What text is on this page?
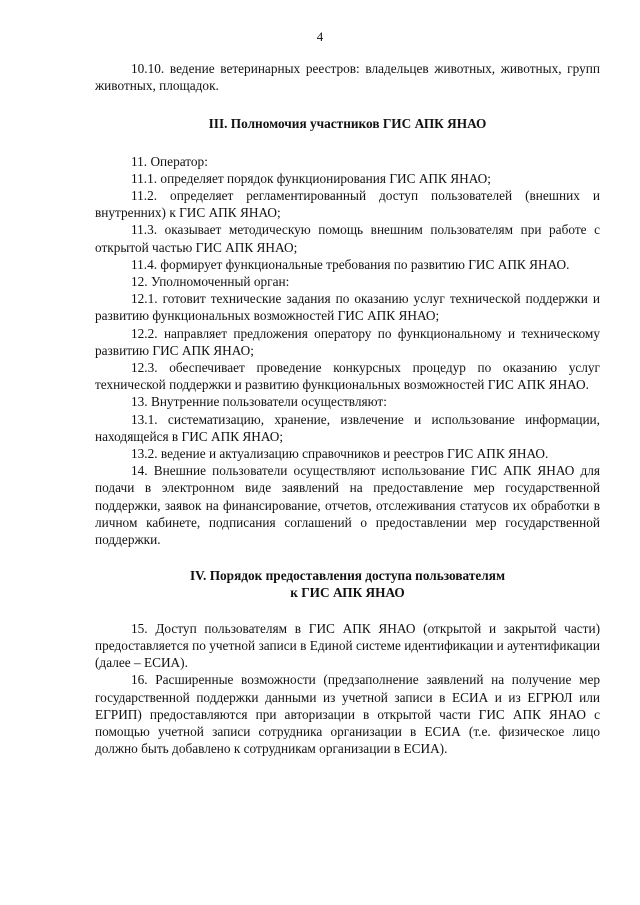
4

10.10. ведение ветеринарных реестров: владельцев животных, животных, групп животных, площадок.

III. Полномочия участников ГИС АПК ЯНАО

11. Оператор:

11.1. определяет порядок функционирования ГИС АПК ЯНАО;

11.2. определяет регламентированный доступ пользователей (внешних и внутренних) к ГИС АПК ЯНАО;

11.3. оказывает методическую помощь внешним пользователям при работе с открытой частью ГИС АПК ЯНАО;

11.4. формирует функциональные требования по развитию ГИС АПК ЯНАО.

12. Уполномоченный орган:

12.1. готовит технические задания по оказанию услуг технической поддержки и развитию функциональных возможностей ГИС АПК ЯНАО;

12.2. направляет предложения оператору по функциональному и техническому развитию ГИС АПК ЯНАО;

12.3. обеспечивает проведение конкурсных процедур по оказанию услуг технической поддержки и развитию функциональных возможностей ГИС АПК ЯНАО.

13. Внутренние пользователи осуществляют:

13.1. систематизацию, хранение, извлечение и использование информации, находящейся в ГИС АПК ЯНАО;

13.2. ведение и актуализацию справочников и реестров ГИС АПК ЯНАО.

14. Внешние пользователи осуществляют использование ГИС АПК ЯНАО для подачи в электронном виде заявлений на предоставление мер государственной поддержки, заявок на финансирование, отчетов, отслеживания статусов их обработки в личном кабинете, подписания соглашений о предоставлении мер государственной поддержки.

IV. Порядок предоставления доступа пользователям
к ГИС АПК ЯНАО

15. Доступ пользователям в ГИС АПК ЯНАО (открытой и закрытой части) предоставляется по учетной записи в Единой системе идентификации и аутентификации (далее – ЕСИА).

16. Расширенные возможности (предзаполнение заявлений на получение мер государственной поддержки данными из учетной записи в ЕСИА и из ЕГРЮЛ или ЕГРИП) предоставляются при авторизации в открытой части ГИС АПК ЯНАО с помощью учетной записи сотрудника организации в ЕСИА (т.е. физическое лицо должно быть добавлено к сотрудникам организации в ЕСИА).
